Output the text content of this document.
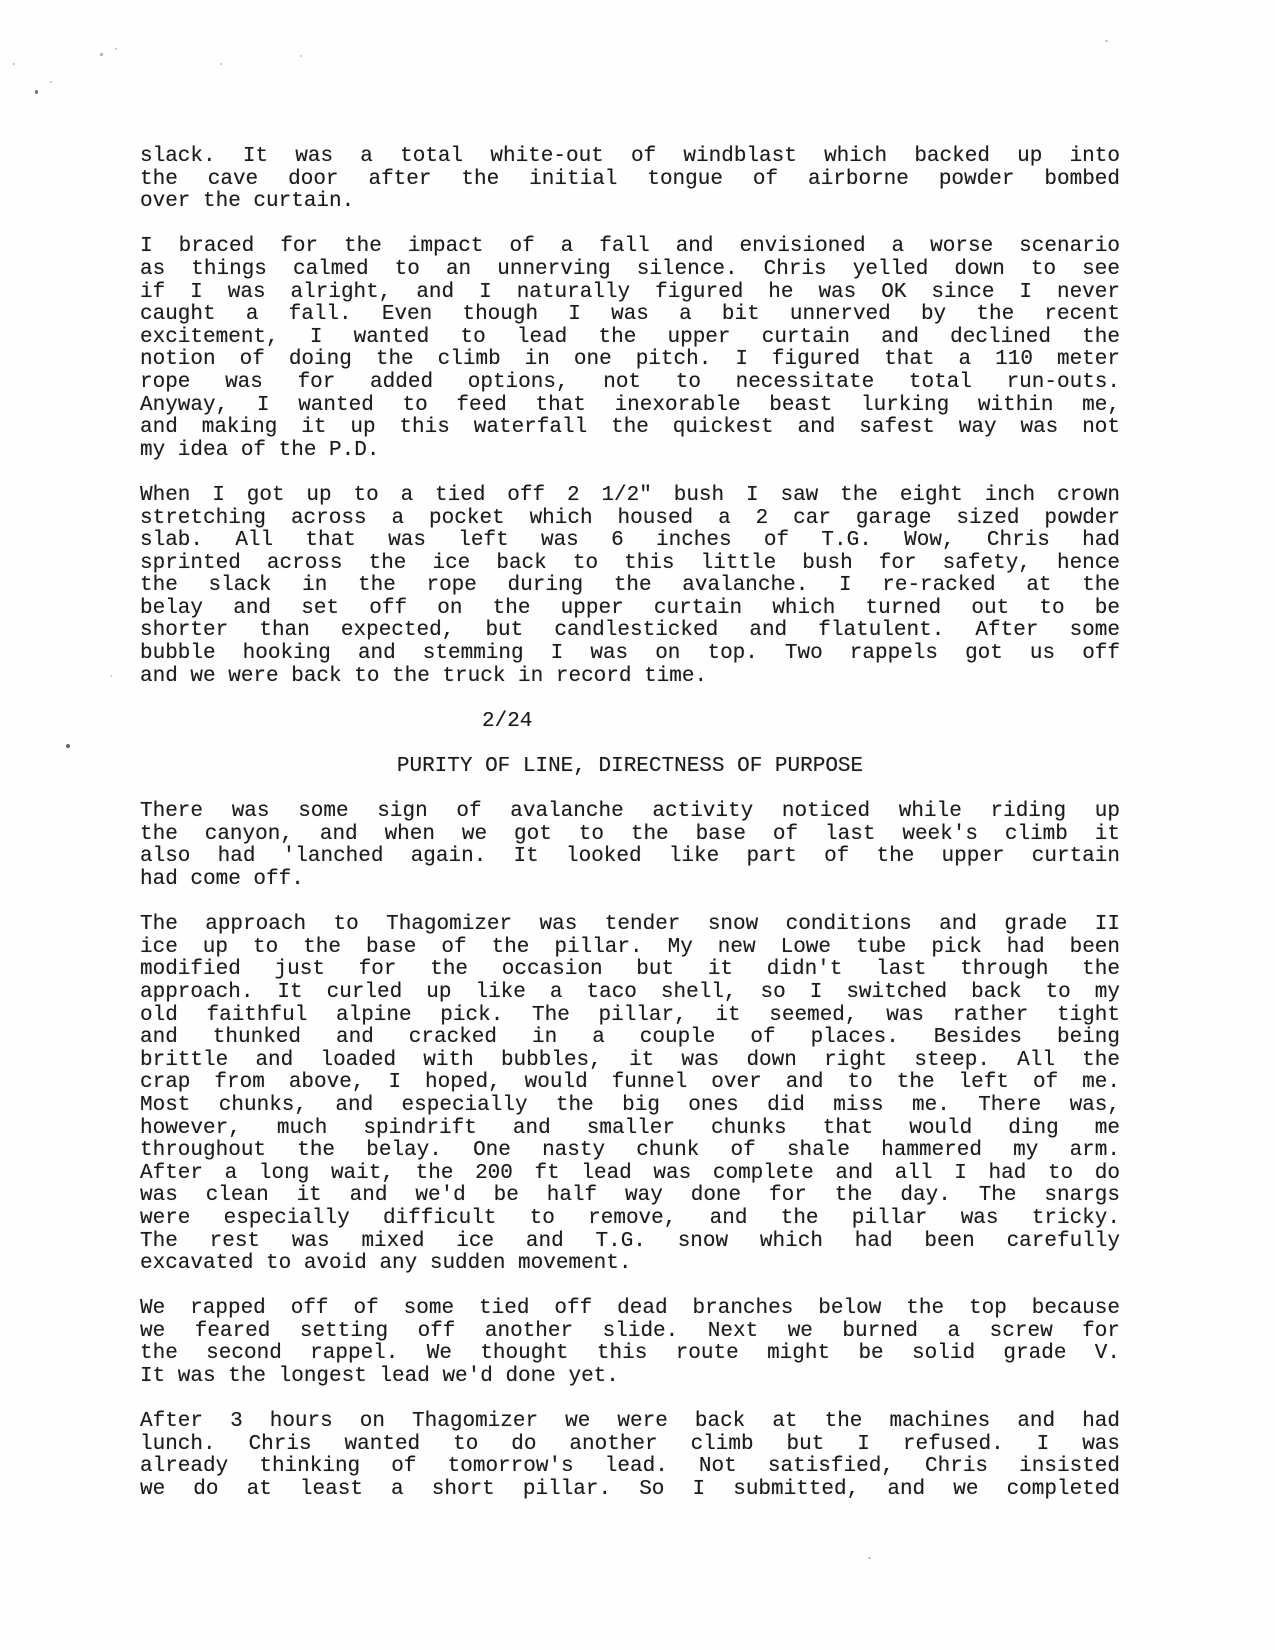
slack. It was a total white-out of windblast which backed up into
the cave door after the initial tongue of airborne powder bombed
over the curtain.
I braced for the impact of a fall and envisioned a worse scenario
as things calmed to an unnerving silence. Chris yelled down to see
if I was alright, and I naturally figured he was OK since I never
caught a fall. Even though I was a bit unnerved by the recent
excitement, I wanted to lead the upper curtain and declined the
notion of doing the climb in one pitch. I figured that a 110 meter
rope was for added options, not to necessitate total run-outs.
Anyway, I wanted to feed that inexorable beast lurking within me,
and making it up this waterfall the quickest and safest way was not
my idea of the P.D.
When I got up to a tied off 2 1/2" bush I saw the eight inch crown
stretching across a pocket which housed a 2 car garage sized powder
slab. All that was left was 6 inches of T.G. Wow, Chris had
sprinted across the ice back to this little bush for safety, hence
the slack in the rope during the avalanche. I re-racked at the
belay and set off on the upper curtain which turned out to be
shorter than expected, but candlesticked and flatulent. After some
bubble hooking and stemming I was on top. Two rappels got us off
and we were back to the truck in record time.
2/24
PURITY OF LINE, DIRECTNESS OF PURPOSE
There was some sign of avalanche activity noticed while riding up
the canyon, and when we got to the base of last week's climb it
also had 'lanched again. It looked like part of the upper curtain
had come off.
The approach to Thagomizer was tender snow conditions and grade II
ice up to the base of the pillar. My new Lowe tube pick had been
modified just for the occasion but it didn't last through the
approach. It curled up like a taco shell, so I switched back to my
old faithful alpine pick. The pillar, it seemed, was rather tight
and thunked and cracked in a couple of places. Besides being
brittle and loaded with bubbles, it was down right steep. All the
crap from above, I hoped, would funnel over and to the left of me.
Most chunks, and especially the big ones did miss me. There was,
however, much spindrift and smaller chunks that would ding me
throughout the belay. One nasty chunk of shale hammered my arm.
After a long wait, the 200 ft lead was complete and all I had to do
was clean it and we'd be half way done for the day. The snargs
were especially difficult to remove, and the pillar was tricky.
The rest was mixed ice and T.G. snow which had been carefully
excavated to avoid any sudden movement.
We rapped off of some tied off dead branches below the top because
we feared setting off another slide. Next we burned a screw for
the second rappel. We thought this route might be solid grade V.
It was the longest lead we'd done yet.
After 3 hours on Thagomizer we were back at the machines and had
lunch. Chris wanted to do another climb but I refused. I was
already thinking of tomorrow's lead. Not satisfied, Chris insisted
we do at least a short pillar. So I submitted, and we completed
